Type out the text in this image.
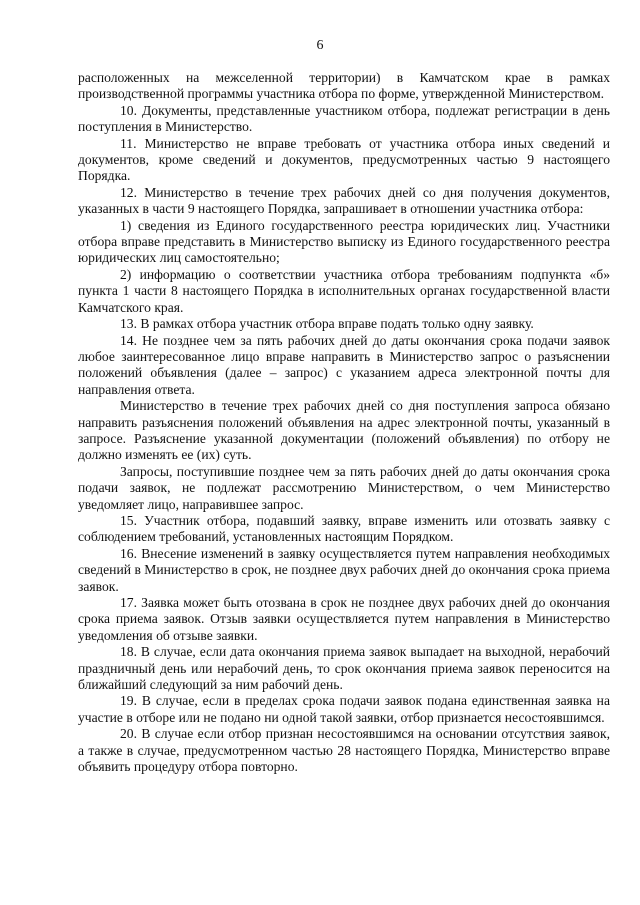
6

расположенных на межселенной территории) в Камчатском крае в рамках производственной программы участника отбора по форме, утвержденной Министерством.

10. Документы, представленные участником отбора, подлежат регистрации в день поступления в Министерство.

11. Министерство не вправе требовать от участника отбора иных сведений и документов, кроме сведений и документов, предусмотренных частью 9 настоящего Порядка.

12. Министерство в течение трех рабочих дней со дня получения документов, указанных в части 9 настоящего Порядка, запрашивает в отношении участника отбора:

1) сведения из Единого государственного реестра юридических лиц. Участники отбора вправе представить в Министерство выписку из Единого государственного реестра юридических лиц самостоятельно;

2) информацию о соответствии участника отбора требованиям подпункта «б» пункта 1 части 8 настоящего Порядка в исполнительных органах государственной власти Камчатского края.

13. В рамках отбора участник отбора вправе подать только одну заявку.

14. Не позднее чем за пять рабочих дней до даты окончания срока подачи заявок любое заинтересованное лицо вправе направить в Министерство запрос о разъяснении положений объявления (далее – запрос) с указанием адреса электронной почты для направления ответа.

Министерство в течение трех рабочих дней со дня поступления запроса обязано направить разъяснения положений объявления на адрес электронной почты, указанный в запросе. Разъяснение указанной документации (положений объявления) по отбору не должно изменять ее (их) суть.

Запросы, поступившие позднее чем за пять рабочих дней до даты окончания срока подачи заявок, не подлежат рассмотрению Министерством, о чем Министерство уведомляет лицо, направившее запрос.

15. Участник отбора, подавший заявку, вправе изменить или отозвать заявку с соблюдением требований, установленных настоящим Порядком.

16. Внесение изменений в заявку осуществляется путем направления необходимых сведений в Министерство в срок, не позднее двух рабочих дней до окончания срока приема заявок.

17. Заявка может быть отозвана в срок не позднее двух рабочих дней до окончания срока приема заявок. Отзыв заявки осуществляется путем направления в Министерство уведомления об отзыве заявки.

18. В случае, если дата окончания приема заявок выпадает на выходной, нерабочий праздничный день или нерабочий день, то срок окончания приема заявок переносится на ближайший следующий за ним рабочий день.

19. В случае, если в пределах срока подачи заявок подана единственная заявка на участие в отборе или не подано ни одной такой заявки, отбор признается несостоявшимся.

20. В случае если отбор признан несостоявшимся на основании отсутствия заявок, а также в случае, предусмотренном частью 28 настоящего Порядка, Министерство вправе объявить процедуру отбора повторно.
